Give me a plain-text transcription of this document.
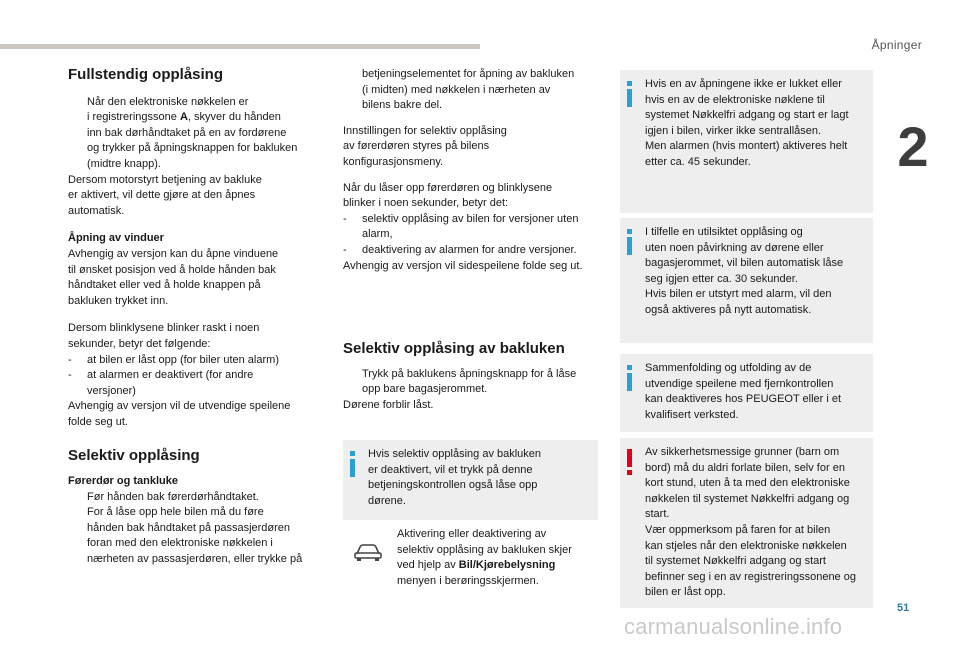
Åpninger
2

Fullstendig opplåsing

Når den elektroniske nøkkelen er

i registreringssone A, skyver du hånden

inn bak dørhåndtaket på en av fordørene

og trykker på åpningsknappen for bakluken

(midtre knapp).

Dersom motorstyrt betjening av bakluke

er aktivert, vil dette gjøre at den åpnes

automatisk.

Åpning av vinduer

Avhengig av versjon kan du åpne vinduene

til ønsket posisjon ved å holde hånden bak

håndtaket eller ved å holde knappen på

bakluken trykket inn.

Dersom blinklysene blinker raskt i noen

sekunder, betyr det følgende:

- at bilen er låst opp (for biler uten alarm)

- at alarmen er deaktivert (for andre

versjoner)

Avhengig av versjon vil de utvendige speilene

folde seg ut.

Selektiv opplåsing

Førerdør og tankluke

Før hånden bak førerdørhåndtaket.

For å låse opp hele bilen må du føre

hånden bak håndtaket på passasjerdøren

foran med den elektroniske nøkkelen i

nærheten av passasjerdøren, eller trykke på

betjeningselementet for åpning av bakluken

(i midten) med nøkkelen i nærheten av

bilens bakre del.

Innstillingen for selektiv opplåsing

av førerdøren styres på bilens

konfigurasjonsmeny.

Når du låser opp førerdøren og blinklysene

blinker i noen sekunder, betyr det:

- selektiv opplåsing av bilen for versjoner uten

alarm,

- deaktivering av alarmen for andre versjoner.

Avhengig av versjon vil sidespeilene folde seg ut.

Selektiv opplåsing av bakluken

Trykk på baklukens åpningsknapp for å låse

opp bare bagasjerommet.

Dørene forblir låst.

Hvis selektiv opplåsing av bakluken

er deaktivert, vil et trykk på denne

betjeningskontrollen også låse opp

dørene.

Aktivering eller deaktivering av

selektiv opplåsing av bakluken skjer

ved hjelp av Bil/Kjørebelysning

menyen i berøringsskjermen.

Hvis en av åpningene ikke er lukket eller

hvis en av de elektroniske nøklene til

systemet Nøkkelfri adgang og start er lagt

igjen i bilen, virker ikke sentrallåsen.

Men alarmen (hvis montert) aktiveres helt

etter ca. 45 sekunder.

I tilfelle en utilsiktet opplåsing og

uten noen påvirkning av dørene eller

bagasjerommet, vil bilen automatisk låse

seg igjen etter ca. 30 sekunder.

Hvis bilen er utstyrt med alarm, vil den

også aktiveres på nytt automatisk.

Sammenfolding og utfolding av de

utvendige speilene med fjernkontrollen

kan deaktiveres hos PEUGEOT eller i et

kvalifisert verksted.

Av sikkerhetsmessige grunner (barn om

bord) må du aldri forlate bilen, selv for en

kort stund, uten å ta med den elektroniske

nøkkelen til systemet Nøkkelfri adgang og

start.

Vær oppmerksom på faren for at bilen

kan stjeles når den elektroniske nøkkelen

til systemet Nøkkelfri adgang og start

befinner seg i en av registreringssonene og

bilen er låst opp.

51
carmanualsonline.info
